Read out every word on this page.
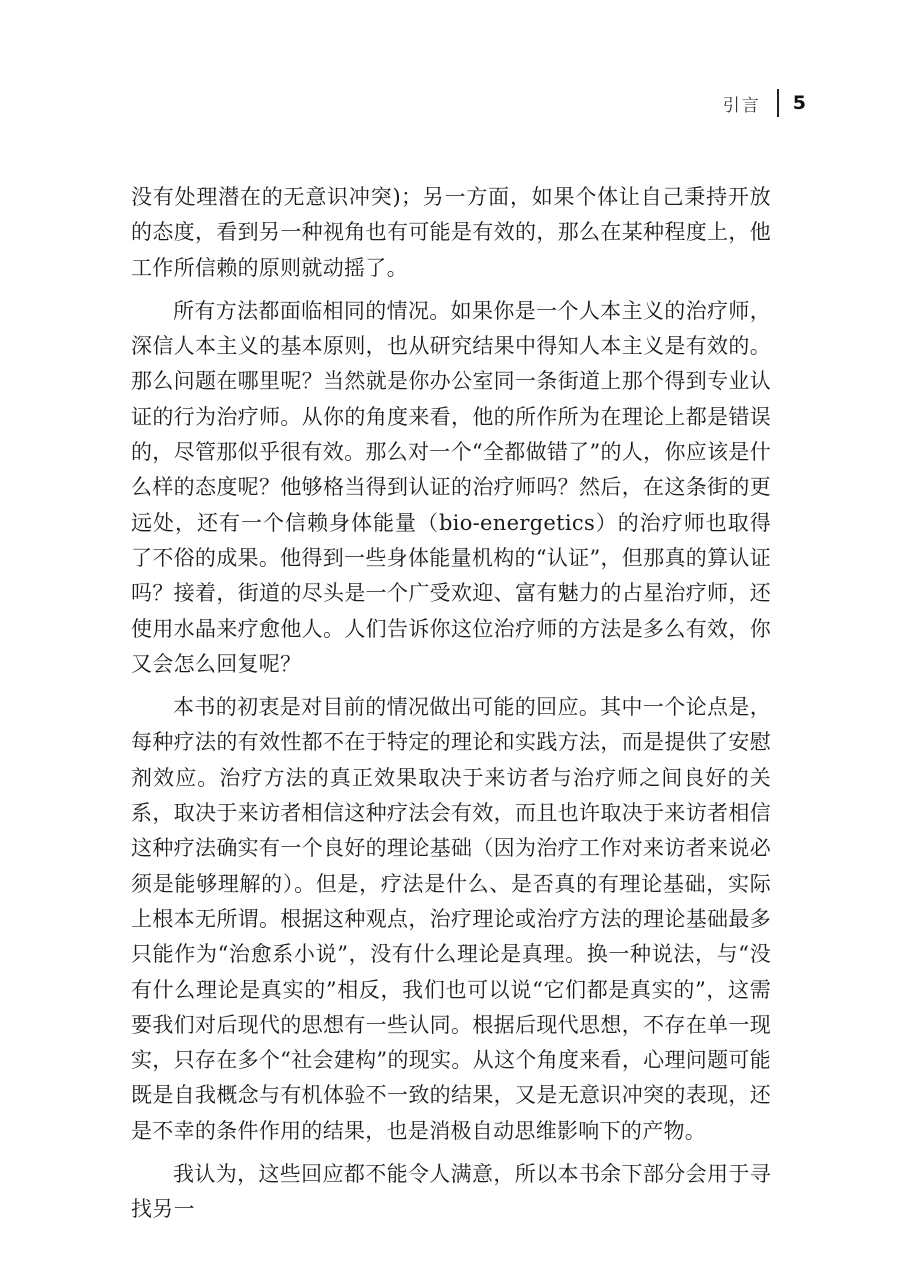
引言 5

没有处理潜在的无意识冲突)；另一方面，如果个体让自己秉持开放的态度，看到另一种视角也有可能是有效的，那么在某种程度上，他工作所信赖的原则就动摇了。

所有方法都面临相同的情况。如果你是一个人本主义的治疗师，深信人本主义的基本原则，也从研究结果中得知人本主义是有效的。那么问题在哪里呢？当然就是你办公室同一条街道上那个得到专业认证的行为治疗师。从你的角度来看，他的所作所为在理论上都是错误的，尽管那似乎很有效。那么对一个“全都做错了”的人，你应该是什么样的态度呢？他够格当得到认证的治疗师吗？然后，在这条街的更远处，还有一个信赖身体能量（bio-energetics）的治疗师也取得了不俗的成果。他得到一些身体能量机构的“认证”，但那真的算认证吗？接着，街道的尽头是一个广受欢迎、富有魅力的占星治疗师，还使用水晶来疗愈他人。人们告诉你这位治疗师的方法是多么有效，你又会怎么回复呢？

本书的初衷是对目前的情况做出可能的回应。其中一个论点是，每种疗法的有效性都不在于特定的理论和实践方法，而是提供了安慰剂效应。治疗方法的真正效果取决于来访者与治疗师之间良好的关系，取决于来访者相信这种疗法会有效，而且也许取决于来访者相信这种疗法确实有一个良好的理论基础（因为治疗工作对来访者来说必须是能够理解的）。但是，疗法是什么、是否真的有理论基础，实际上根本无所谓。根据这种观点，治疗理论或治疗方法的理论基础最多只能作为“治愈系小说”，没有什么理论是真理。换一种说法，与“没有什么理论是真实的”相反，我们也可以说“它们都是真实的”，这需要我们对后现代的思想有一些认同。根据后现代思想，不存在单一现实，只存在多个“社会建构”的现实。从这个角度来看，心理问题可能既是自我概念与有机体验不一致的结果，又是无意识冲突的表现，还是不幸的条件作用的结果，也是消极自动思维影响下的产物。

我认为，这些回应都不能令人满意，所以本书余下部分会用于寻找另一
